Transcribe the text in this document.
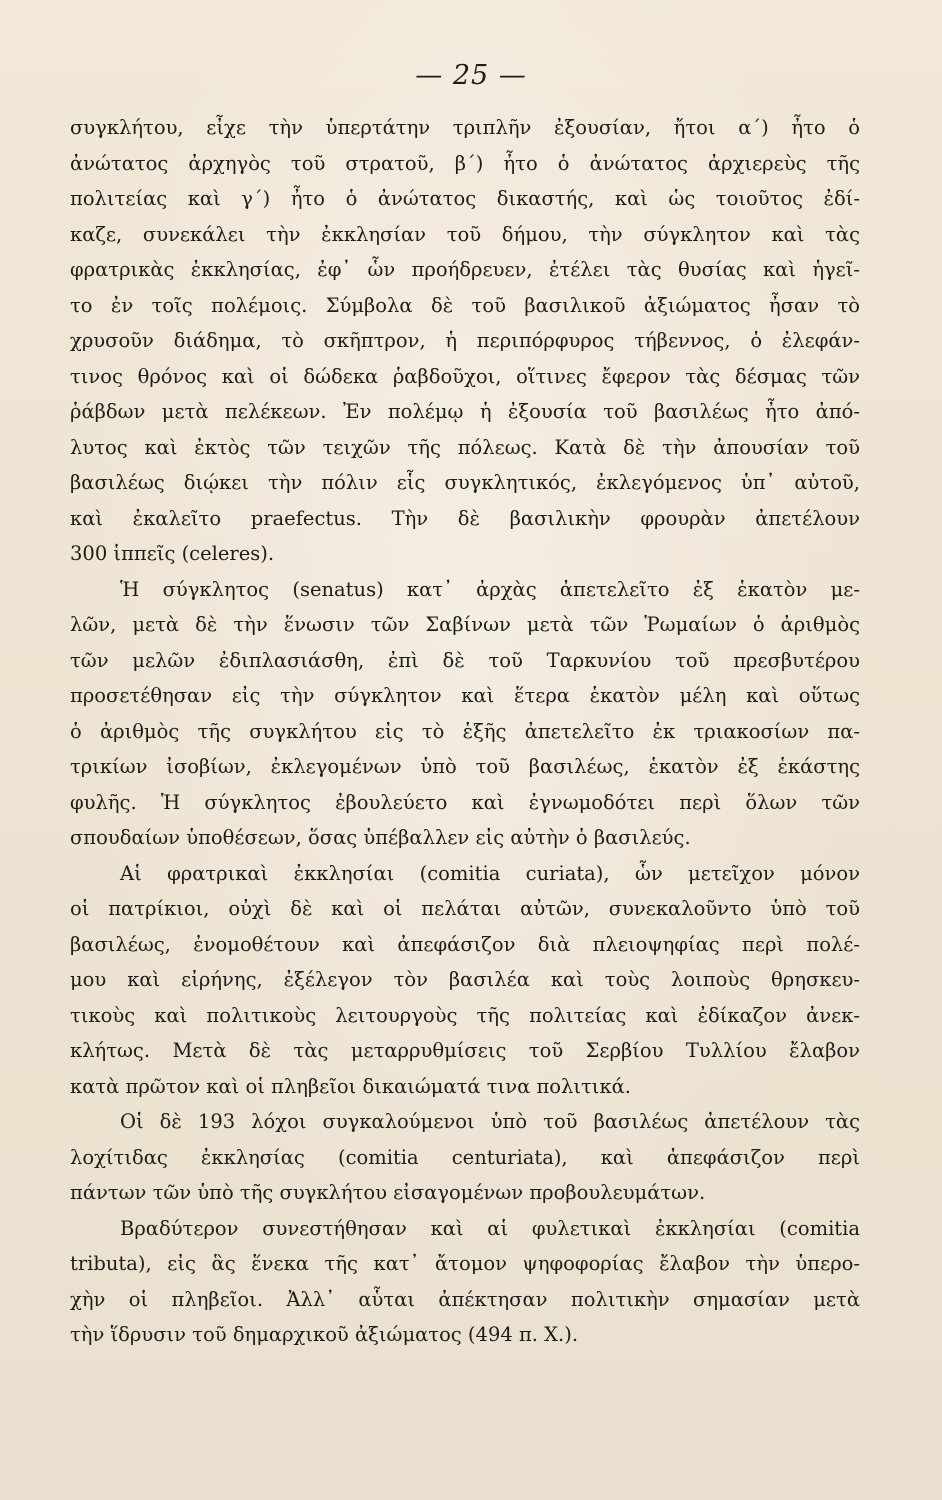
— 25 —
συγκλήτου, εἶχε τὴν ὑπερτάτην τριπλῆν ἐξουσίαν, ἤτοι α΄) ἦτο ὁ
ἀνώτατος ἀρχηγὸς τοῦ στρατοῦ, β΄) ἦτο ὁ ἀνώτατος ἀρχιερεὺς τῆς
πολιτείας καὶ γ΄) ἦτο ὁ ἀνώτατος δικαστής, καὶ ὡς τοιοῦτος ἐδί-
καζε, συνεκάλει τὴν ἐκκλησίαν τοῦ δήμου, τὴν σύγκλητον καὶ τὰς
φρατρικὰς ἐκκλησίας, ἐφ᾿ ὧν προήδρευεν, ἐτέλει τὰς θυσίας καὶ ἡγεῖ-
το ἐν τοῖς πολέμοις. Σύμβολα δὲ τοῦ βασιλικοῦ ἀξιώματος ἦσαν τὸ
χρυσοῦν διάδημα, τὸ σκῆπτρον, ἡ περιπόρφυρος τήβεννος, ὁ ἐλεφάν-
τινος θρόνος καὶ οἱ δώδεκα ῥαβδοῦχοι, οἵτινες ἔφερον τὰς δέσμας τῶν
ῥάβδων μετὰ πελέκεων. Ἐν πολέμῳ ἡ ἐξουσία τοῦ βασιλέως ἦτο ἀπό-
λυτος καὶ ἐκτὸς τῶν τειχῶν τῆς πόλεως. Κατὰ δὲ τὴν ἀπουσίαν τοῦ
βασιλέως διῴκει τὴν πόλιν εἷς συγκλητικός, ἐκλεγόμενος ὑπ᾿ αὐτοῦ,
καὶ ἐκαλεῖτο praefectus. Τὴν δὲ βασιλικὴν φρουρὰν ἀπετέλουν
300 ἱππεῖς (celeres).
Ἡ σύγκλητος (senatus) κατ᾿ ἀρχὰς ἀπετελεῖτο ἐξ ἑκατὸν με-
λῶν, μετὰ δὲ τὴν ἕνωσιν τῶν Σαβίνων μετὰ τῶν Ῥωμαίων ὁ ἀριθμὸς
τῶν μελῶν ἐδιπλασιάσθη, ἐπὶ δὲ τοῦ Ταρκυνίου τοῦ πρεσβυτέρου
προσετέθησαν εἰς τὴν σύγκλητον καὶ ἕτερα ἑκατὸν μέλη καὶ οὕτως
ὁ ἀριθμὸς τῆς συγκλήτου εἰς τὸ ἑξῆς ἀπετελεῖτο ἐκ τριακοσίων πα-
τρικίων ἰσοβίων, ἐκλεγομένων ὑπὸ τοῦ βασιλέως, ἑκατὸν ἐξ ἑκάστης
φυλῆς. Ἡ σύγκλητος ἐβουλεύετο καὶ ἐγνωμοδότει περὶ ὅλων τῶν
σπουδαίων ὑποθέσεων, ὅσας ὑπέβαλλεν εἰς αὐτὴν ὁ βασιλεύς.
Αἱ φρατρικαὶ ἐκκλησίαι (comitia curiata), ὧν μετεῖχον μόνον
οἱ πατρίκιοι, οὐχὶ δὲ καὶ οἱ πελάται αὐτῶν, συνεκαλοῦντο ὑπὸ τοῦ
βασιλέως, ἐνομοθέτουν καὶ ἀπεφάσιζον διὰ πλειοψηφίας περὶ πολέ-
μου καὶ εἰρήνης, ἐξέλεγον τὸν βασιλέα καὶ τοὺς λοιποὺς θρησκευ-
τικοὺς καὶ πολιτικοὺς λειτουργοὺς τῆς πολιτείας καὶ ἐδίκαζον ἀνεκ-
κλήτως. Μετὰ δὲ τὰς μεταρρυθμίσεις τοῦ Σερβίου Τυλλίου ἔλαβον
κατὰ πρῶτον καὶ οἱ πληβεῖοι δικαιώματά τινα πολιτικά.
Οἱ δὲ 193 λόχοι συγκαλούμενοι ὑπὸ τοῦ βασιλέως ἀπετέλουν τὰς
λοχίτιδας ἐκκλησίας (comitia centuriata), καὶ ἀπεφάσιζον περὶ
πάντων τῶν ὑπὸ τῆς συγκλήτου εἰσαγομένων προβουλευμάτων.
Βραδύτερον συνεστήθησαν καὶ αἱ φυλετικαὶ ἐκκλησίαι (comitia
tributa), εἰς ἃς ἕνεκα τῆς κατ᾿ ἄτομον ψηφοφορίας ἔλαβον τὴν ὑπερο-
χὴν οἱ πληβεῖοι. Ἀλλ᾿ αὗται ἀπέκτησαν πολιτικὴν σημασίαν μετὰ
τὴν ἵδρυσιν τοῦ δημαρχικοῦ ἀξιώματος (494 π. Χ.).
